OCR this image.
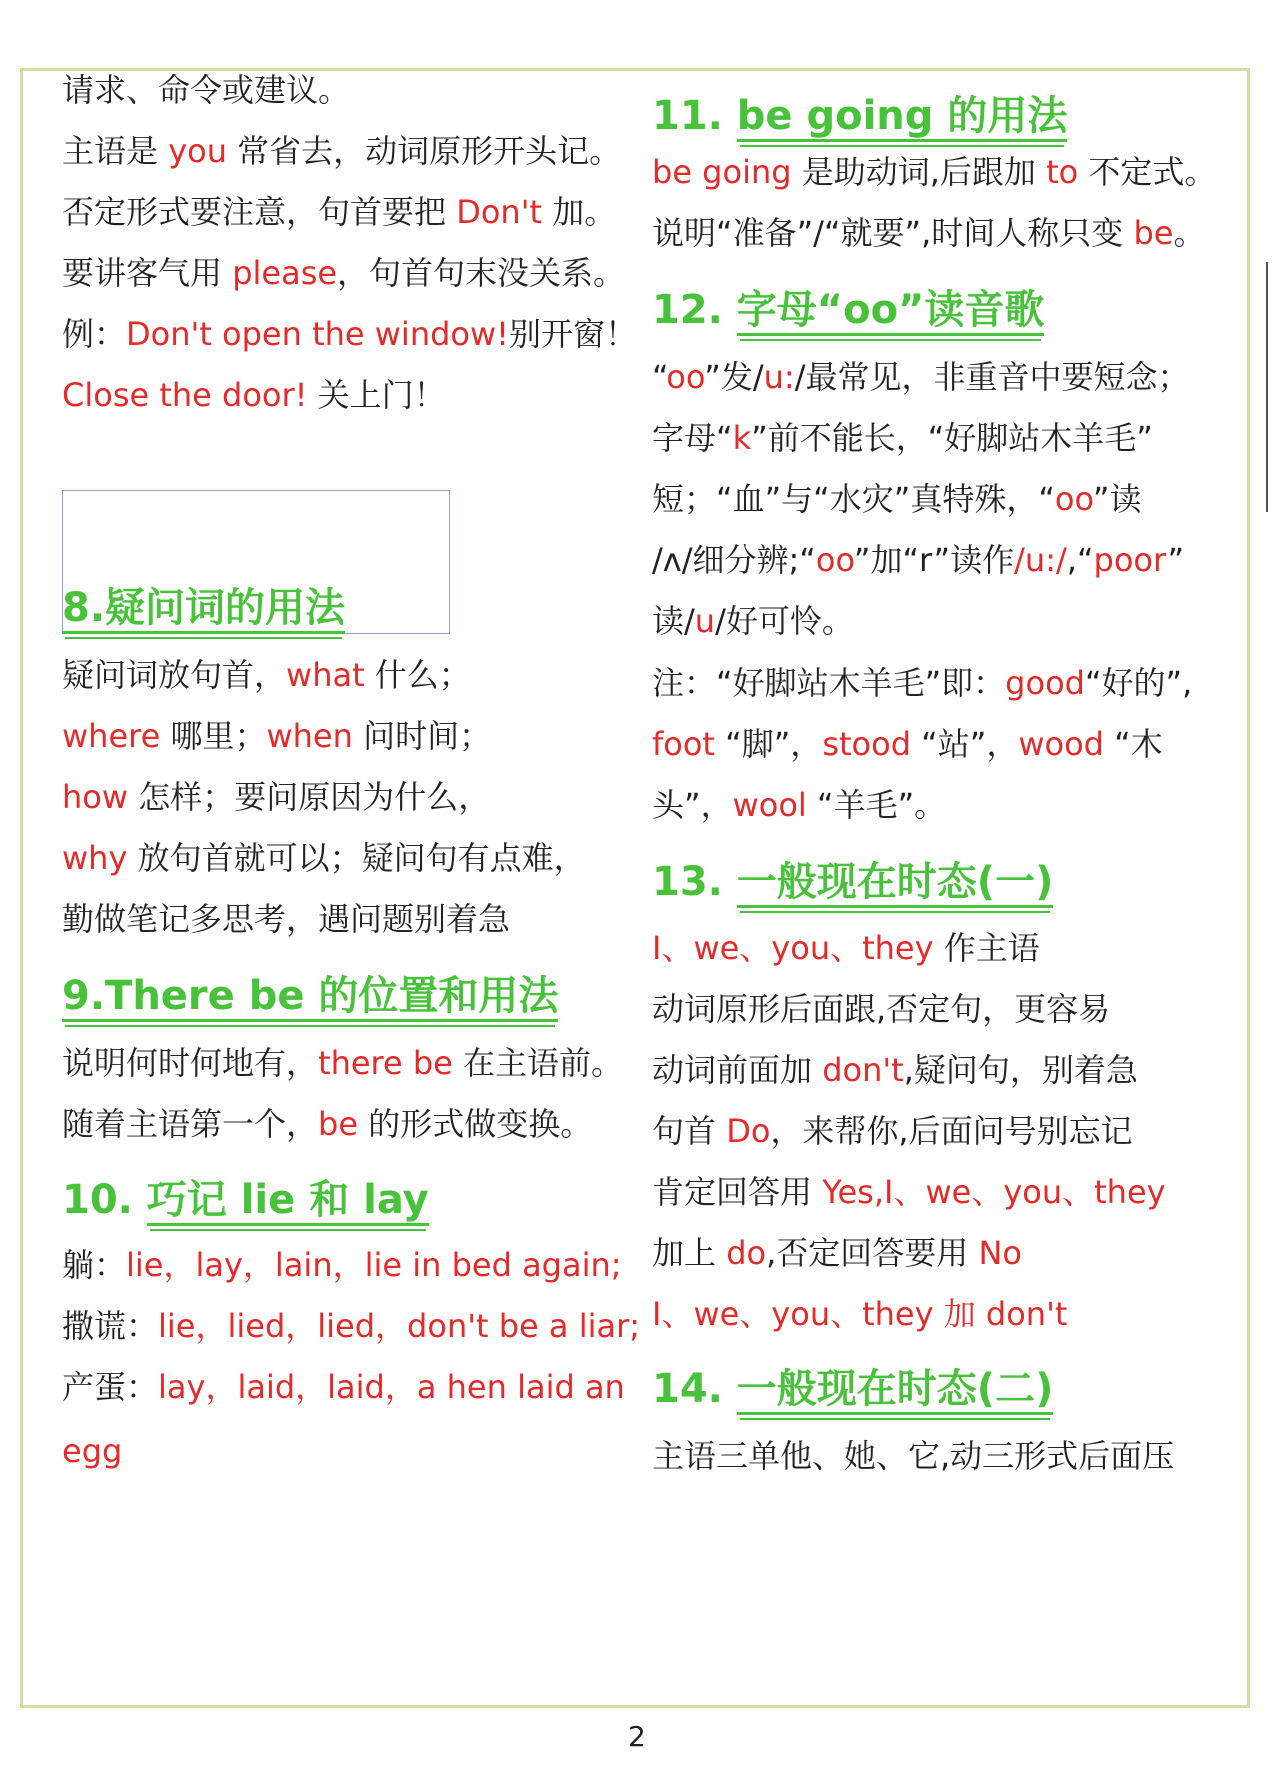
请求、命令或建议。
主语是 you 常省去，动词原形开头记。
否定形式要注意，句首要把 Don't 加。
要讲客气用 please，句首句末没关系。
例：Don't open the window!别开窗！
Close the door! 关上门！
8.疑问词的用法
疑问词放句首，what 什么；
where 哪里；when 问时间；
how 怎样；要问原因为什么，
why 放句首就可以；疑问句有点难，
勤做笔记多思考，遇问题别着急
9.There be 的位置和用法
说明何时何地有，there be 在主语前。
随着主语第一个，be 的形式做变换。
10. 巧记 lie 和 lay
躺：lie，lay，lain，lie in bed again;
撒谎：lie，lied，lied，don't be a liar;
产蛋：lay，laid，laid，a hen laid an
egg
11. be going 的用法
be going 是助动词,后跟加 to 不定式。
说明“准备”/“就要”,时间人称只变 be。
12. 字母“oo”读音歌
“oo”发/u:/最常见，非重音中要短念；
字母“k”前不能长，“好脚站木羊毛”
短；“血”与“水灾”真特殊，“oo”读
/ʌ/细分辨;“oo”加“r”读作/u:/,“poor”
读/u/好可怜。
注：“好脚站木羊毛”即：good“好的”,
foot “脚”，stood “站”，wood “木
头”，wool “羊毛”。
13. 一般现在时态(一)
I、we、you、they 作主语
动词原形后面跟,否定句，更容易
动词前面加 don't,疑问句，别着急
句首 Do，来帮你,后面问号别忘记
肯定回答用 Yes,I、we、you、they
加上 do,否定回答要用 No
I、we、you、they 加 don't
14. 一般现在时态(二)
主语三单他、她、它,动三形式后面压
2
